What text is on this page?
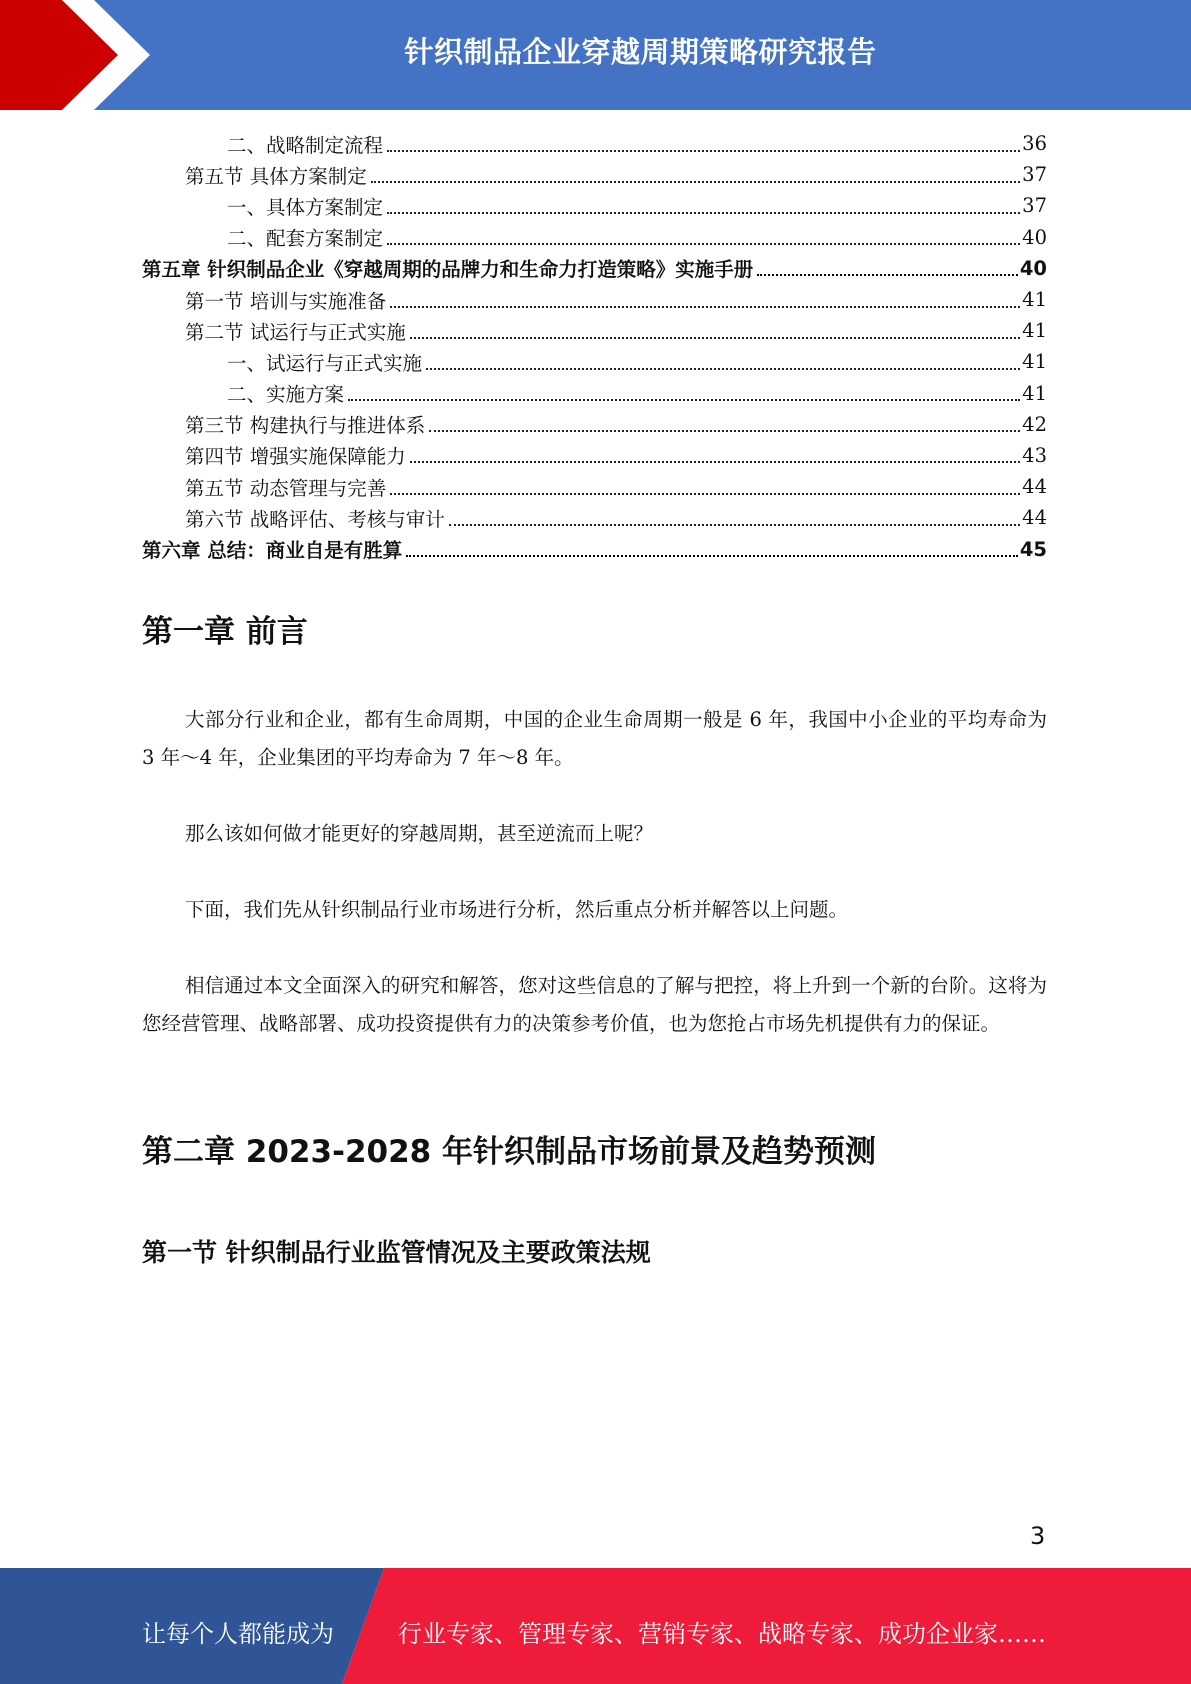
针织制品企业穿越周期策略研究报告
二、战略制定流程	36
第五节 具体方案制定	37
一、具体方案制定	37
二、配套方案制定	40
第五章 针织制品企业《穿越周期的品牌力和生命力打造策略》实施手册	40
第一节 培训与实施准备	41
第二节 试运行与正式实施	41
一、试运行与正式实施	41
二、实施方案	41
第三节 构建执行与推进体系	42
第四节 增强实施保障能力	43
第五节 动态管理与完善	44
第六节 战略评估、考核与审计	44
第六章 总结：商业自是有胜算	45
第一章 前言

大部分行业和企业，都有生命周期，中国的企业生命周期一般是 6 年，我国中小企业的平均寿命为 3 年～4 年，企业集团的平均寿命为 7 年～8 年。

那么该如何做才能更好的穿越周期，甚至逆流而上呢？

下面，我们先从针织制品行业市场进行分析，然后重点分析并解答以上问题。

相信通过本文全面深入的研究和解答，您对这些信息的了解与把控，将上升到一个新的台阶。这将为您经营管理、战略部署、成功投资提供有力的决策参考价值，也为您抢占市场先机提供有力的保证。

第二章 2023-2028 年针织制品市场前景及趋势预测
第一节 针织制品行业监管情况及主要政策法规
3
让每个人都能成为	行业专家、管理专家、营销专家、战略专家、成功企业家……
